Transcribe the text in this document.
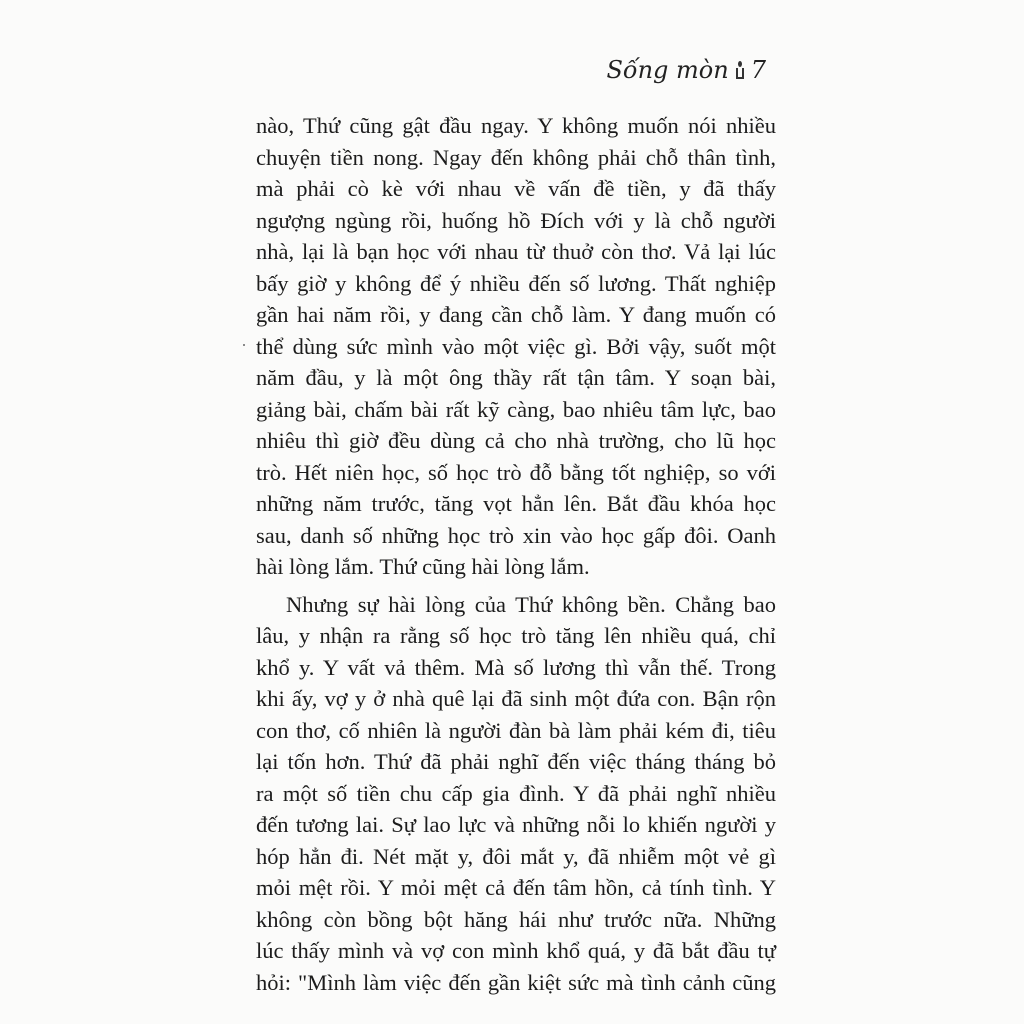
Sống mòn 7
nào, Thứ cũng gật đầu ngay. Y không muốn nói nhiều
chuyện tiền nong. Ngay đến không phải chỗ thân tình,
mà phải cò kè với nhau về vấn đề tiền, y đã thấy
ngượng ngùng rồi, huống hồ Đích với y là chỗ người
nhà, lại là bạn học với nhau từ thuở còn thơ. Vả lại lúc
bấy giờ y không để ý nhiều đến số lương. Thất nghiệp
gần hai năm rồi, y đang cần chỗ làm. Y đang muốn có
thể dùng sức mình vào một việc gì. Bởi vậy, suốt một
năm đầu, y là một ông thầy rất tận tâm. Y soạn bài,
giảng bài, chấm bài rất kỹ càng, bao nhiêu tâm lực, bao
nhiêu thì giờ đều dùng cả cho nhà trường, cho lũ học
trò. Hết niên học, số học trò đỗ bằng tốt nghiệp, so với
những năm trước, tăng vọt hẳn lên. Bắt đầu khóa học
sau, danh số những học trò xin vào học gấp đôi. Oanh
hài lòng lắm. Thứ cũng hài lòng lắm.
Nhưng sự hài lòng của Thứ không bền. Chẳng bao
lâu, y nhận ra rằng số học trò tăng lên nhiều quá, chỉ
khổ y. Y vất vả thêm. Mà số lương thì vẫn thế. Trong
khi ấy, vợ y ở nhà quê lại đã sinh một đứa con. Bận rộn
con thơ, cố nhiên là người đàn bà làm phải kém đi, tiêu
lại tốn hơn. Thứ đã phải nghĩ đến việc tháng tháng bỏ
ra một số tiền chu cấp gia đình. Y đã phải nghĩ nhiều
đến tương lai. Sự lao lực và những nỗi lo khiến người y
hóp hẳn đi. Nét mặt y, đôi mắt y, đã nhiễm một vẻ gì
mỏi mệt rồi. Y mỏi mệt cả đến tâm hồn, cả tính tình. Y
không còn bồng bột hăng hái như trước nữa. Những
lúc thấy mình và vợ con mình khổ quá, y đã bắt đầu tự
hỏi: "Mình làm việc đến gần kiệt sức mà tình cảnh cũng
